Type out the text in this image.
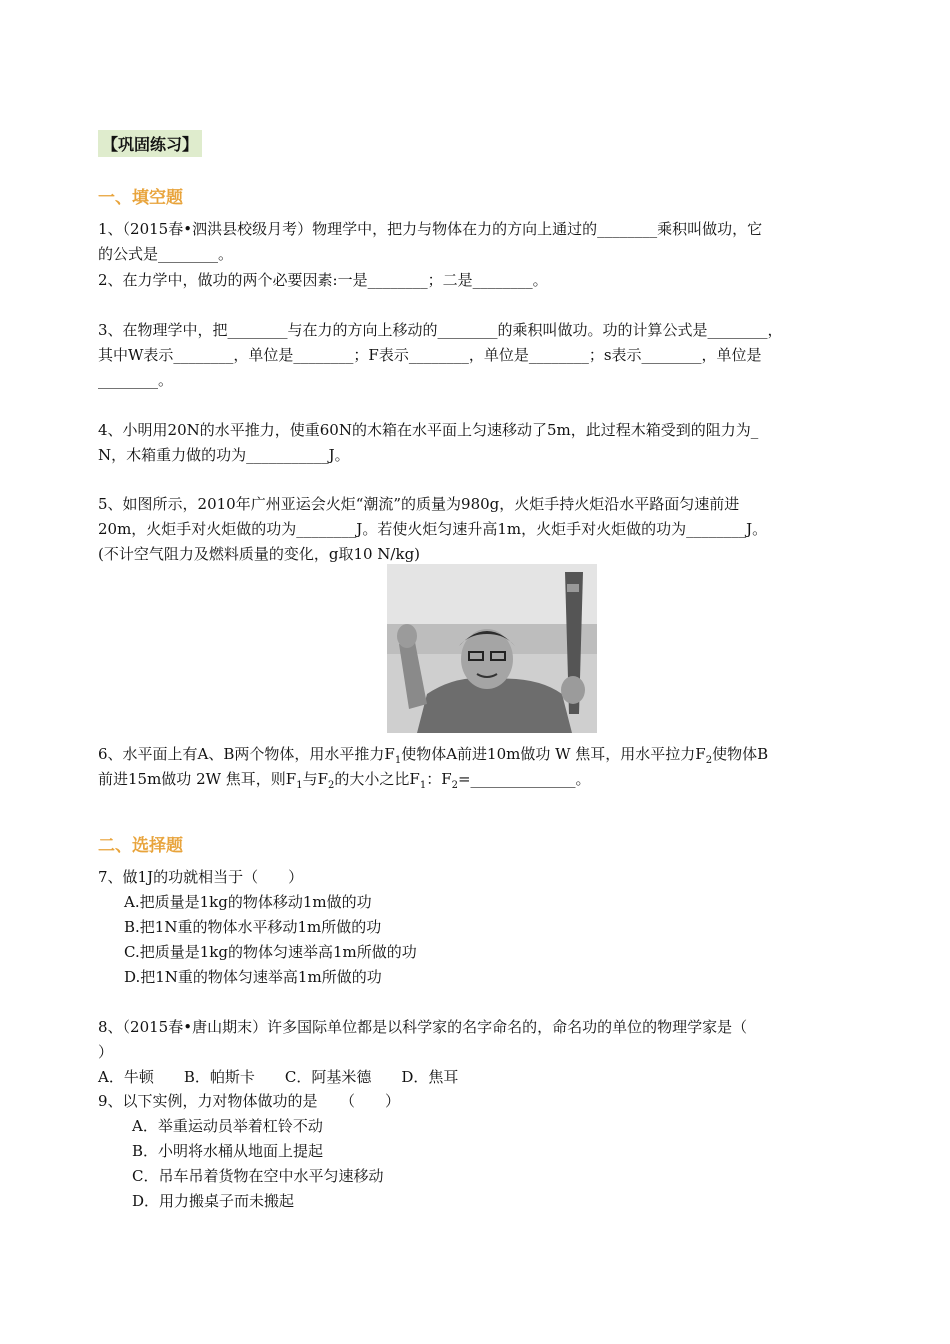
【巩固练习】
一、填空题
1、（2015春•泗洪县校级月考）物理学中，把力与物体在力的方向上通过的________乘积叫做功，它
的公式是________。
2、在力学中，做功的两个必要因素:一是________；二是________。
3、在物理学中，把________与在力的方向上移动的________的乘积叫做功。功的计算公式是________，
其中W表示________，单位是________；F表示________，单位是________；s表示________，单位是
________。
4、小明用20N的水平推力，使重60N的木箱在水平面上匀速移动了5m，此过程木箱受到的阻力为_
N，木箱重力做的功为___________J。
5、如图所示，2010年广州亚运会火炬“潮流”的质量为980g，火炬手持火炬沿水平路面匀速前进
20m，火炬手对火炬做的功为________J。若使火炬匀速升高1m，火炬手对火炬做的功为________J。
(不计空气阻力及燃料质量的变化，g取10 N/kg)
6、水平面上有A、B两个物体，用水平推力$F_1$使物体A前进10m做功 W 焦耳，用水平拉力$F_2$使物体B
前进15m做功 2W 焦耳，则$F_1$与$F_2$的大小之比$F_1$：$F_2=\_\_\_\_\_\_\_\_\_\_\_\_\_\_$。
二、选择题
7、做1J的功就相当于（　　）
A.把质量是1kg的物体移动1m做的功
B.把1N重的物体水平移动1m所做的功
C.把质量是1kg的物体匀速举高1m所做的功
D.把1N重的物体匀速举高1m所做的功
8、（2015春•唐山期末）许多国际单位都是以科学家的名字命名的，命名功的单位的物理学家是（
）
A．牛顿　　B．帕斯卡　　C．阿基米德　　D．焦耳
9、以下实例，力对物体做功的是　　（　　）
A．举重运动员举着杠铃不动
B．小明将水桶从地面上提起
C．吊车吊着货物在空中水平匀速移动
D．用力搬桌子而未搬起
